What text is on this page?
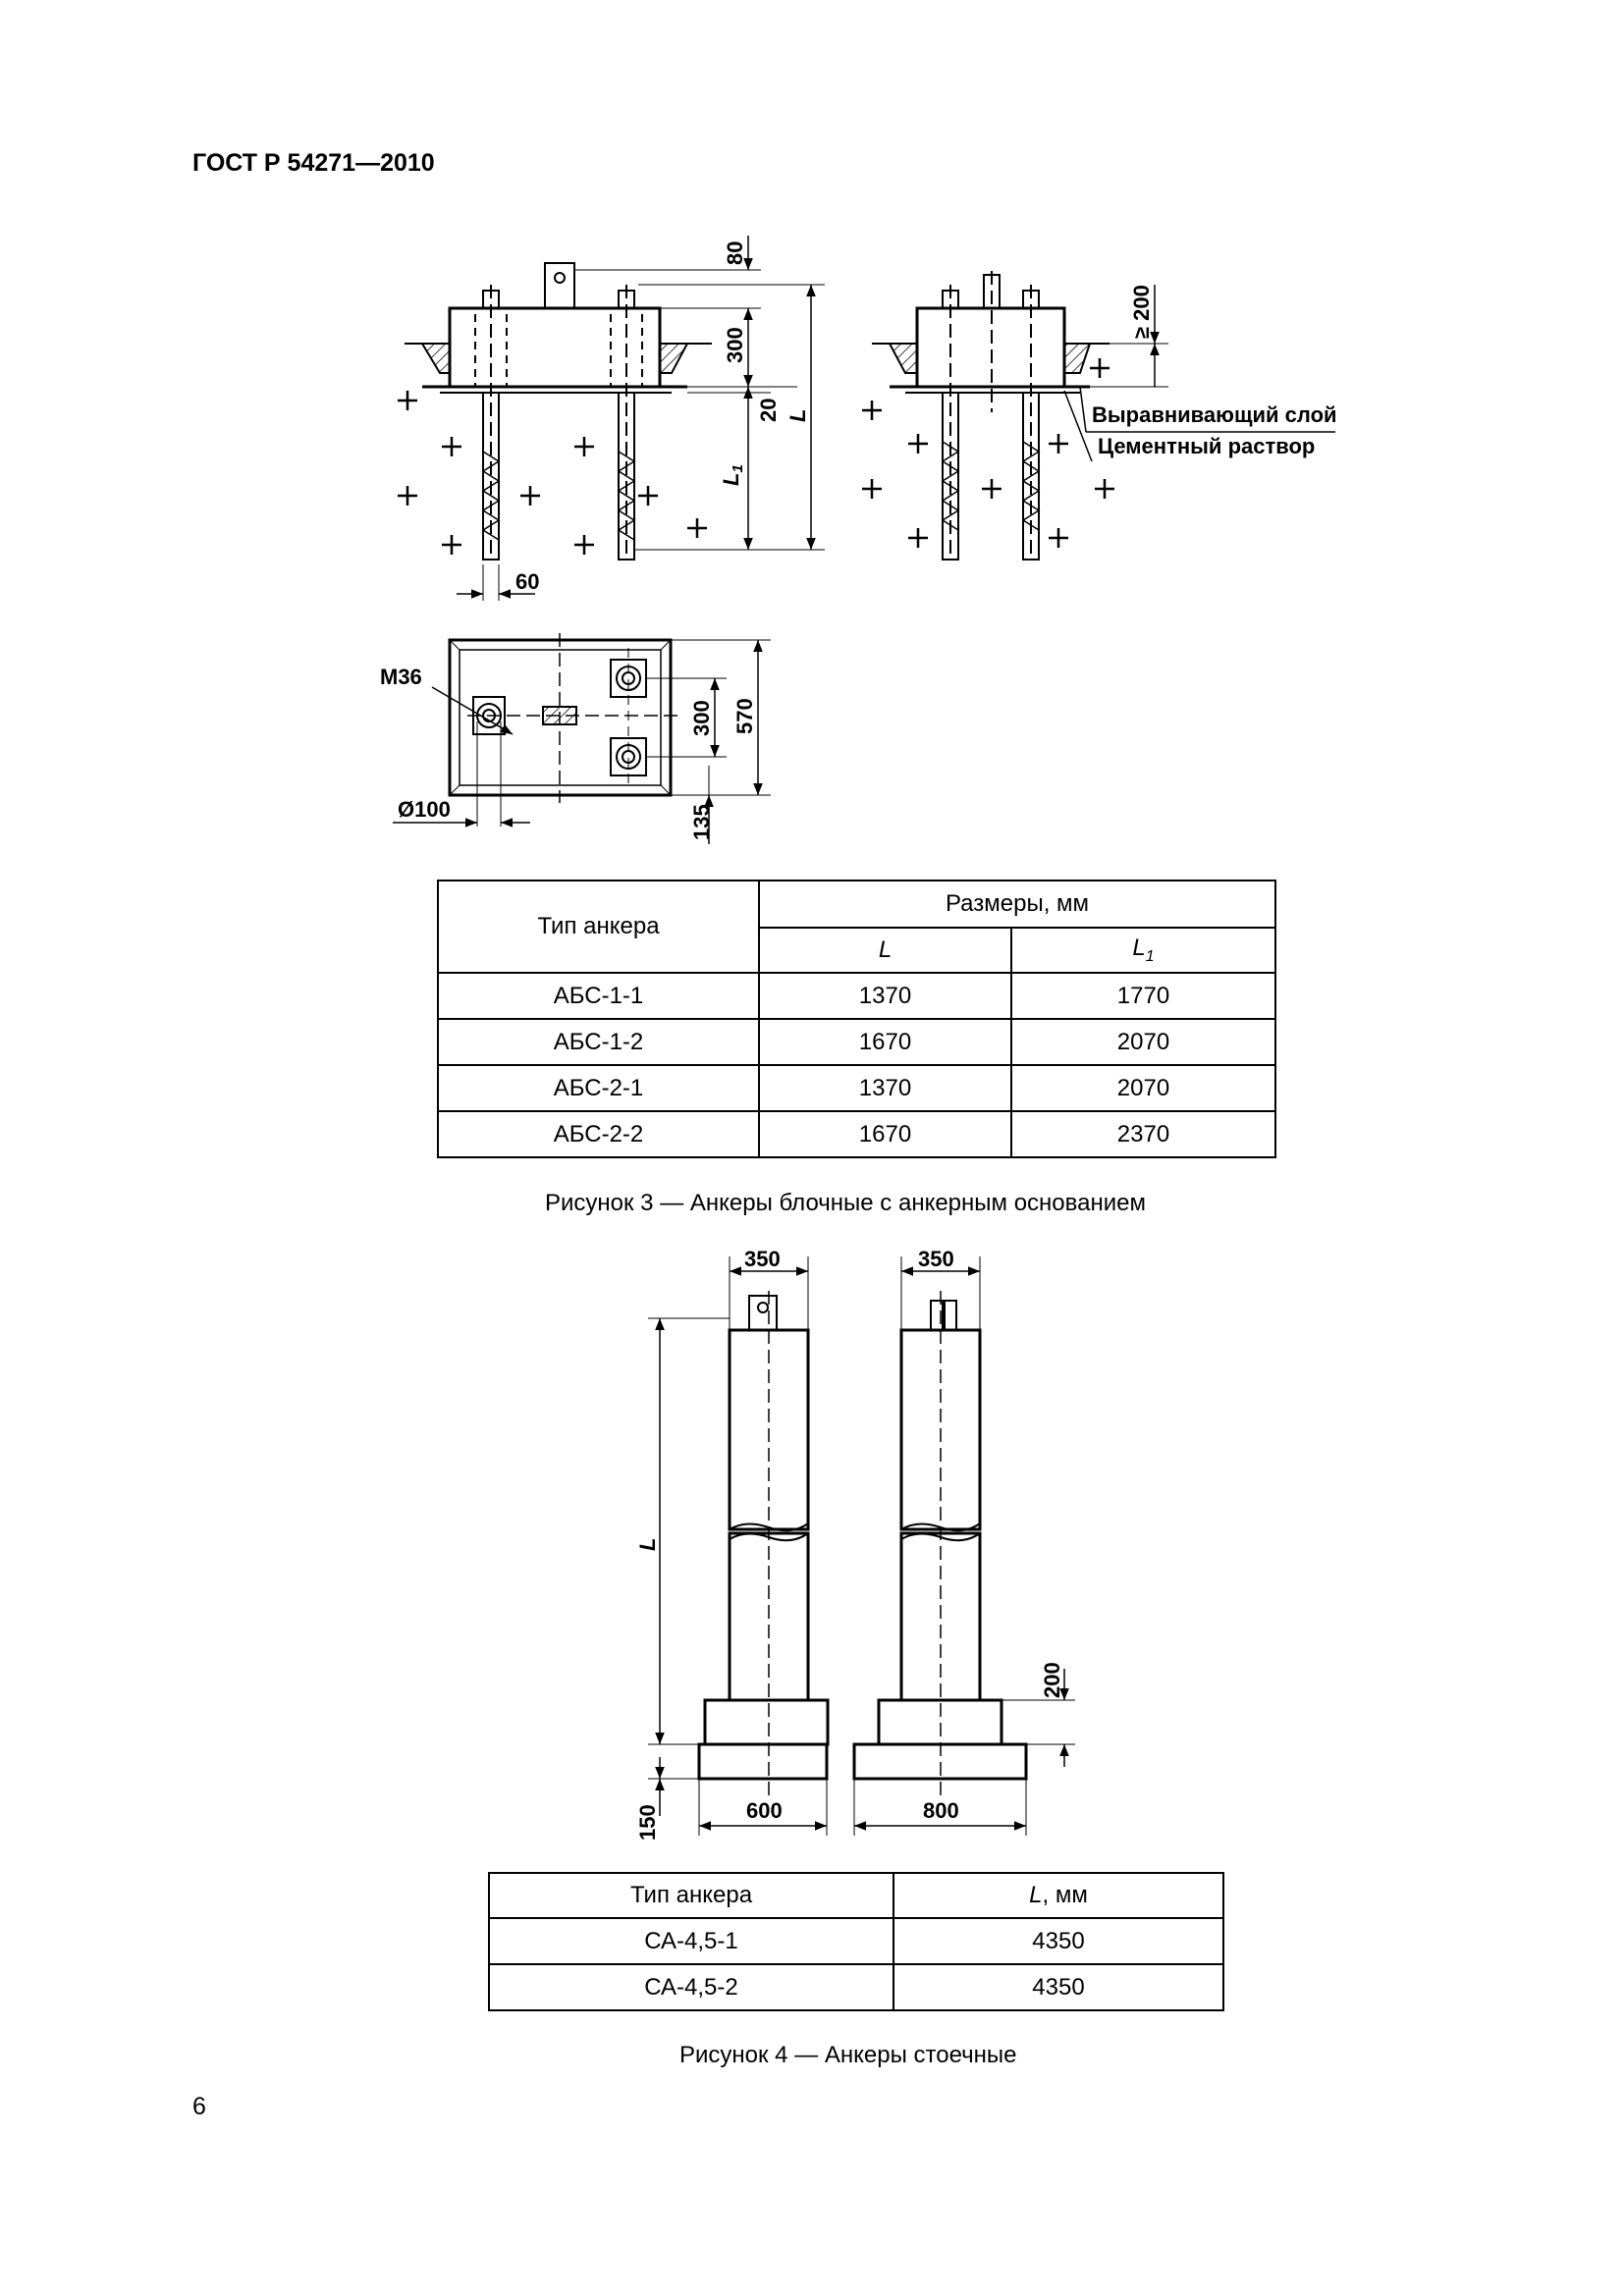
ГОСТ Р 54271—2010
80
300
20 L
L1
≥ 200
60
M36
Ø100
300 570
135
Выравнивающий слой
Цементный раствор
Тип анкера	Размеры, мм	
	L	$L_1$
АБС-1-1	1370	1770
АБС-1-2	1670	2070
АБС-2-1	1370	2070
АБС-2-2	1670	2370
Рисунок 3 — Анкеры блочные с анкерным основанием
350	350
L
200
150	600	800
Тип анкера	L, мм
СА-4,5-1	4350
СА-4,5-2	4350
Рисунок 4 — Анкеры стоечные
6
